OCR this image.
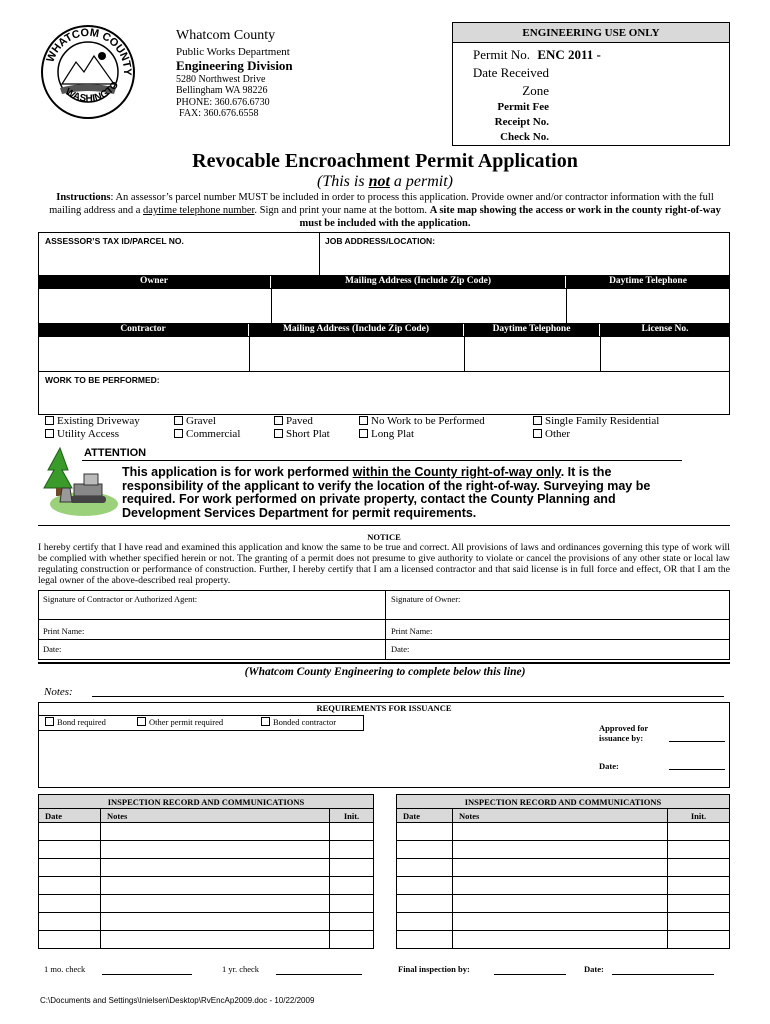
WHATCOM COUNTY
WASHINGTO
Whatcom County
Public Works Department
Engineering Division
5280 Northwest Drive
Bellingham WA 98226
PHONE: 360.676.6730
FAX: 360.676.6558
ENGINEERING USE ONLY
Permit No. ENC 2011 -
Date Received
Zone
Permit Fee
Receipt No.
Check No.
Revocable Encroachment Permit Application
(This is not a permit)
Instructions: An assessor’s parcel number MUST be included in order to process this application. Provide owner and/or contractor information with the full mailing address and a daytime telephone number. Sign and print your name at the bottom. A site map showing the access or work in the county right-of-way must be included with the application.
ASSESSOR’S TAX ID/PARCEL NO.	JOB ADDRESS/LOCATION:
Owner	Mailing Address (Include Zip Code)	Daytime Telephone
Contractor	Mailing Address (Include Zip Code)	Daytime Telephone	License No.
WORK TO BE PERFORMED:
Existing Driveway
Utility Access
Gravel
Commercial
Paved
Short Plat
No Work to be Performed
Long Plat
Single Family Residential
Other
ATTENTION
This application is for work performed within the County right-of-way only. It is the responsibility of the applicant to verify the location of the right-of-way. Surveying may be required. For work performed on private property, contact the County Planning and Development Services Department for permit requirements.
NOTICE
I hereby certify that I have read and examined this application and know the same to be true and correct. All provisions of laws and ordinances governing this type of work will be complied with whether specified herein or not. The granting of a permit does not presume to give authority to violate or cancel the provisions of any other state or local law regulating construction or performance of construction. Further, I hereby certify that I am a licensed contractor and that said license is in full force and effect, OR that I am the legal owner of the above-described real property.
Signature of Contractor or Authorized Agent:	Signature of Owner:
Print Name:	Print Name:
Date:	Date:
(Whatcom County Engineering to complete below this line)
Notes:
REQUIREMENTS FOR ISSUANCE
Bond required	Other permit required	Bonded contractor
Approved for issuance by:
Date:
INSPECTION RECORD AND COMMUNICATIONS
Date	Notes	Init.

INSPECTION RECORD AND COMMUNICATIONS
Date	Notes	Init.

1 mo. check	1 yr. check	Final inspection by:	Date:
C:\Documents and Settings\Inielsen\Desktop\RvEncAp2009.doc - 10/22/2009
